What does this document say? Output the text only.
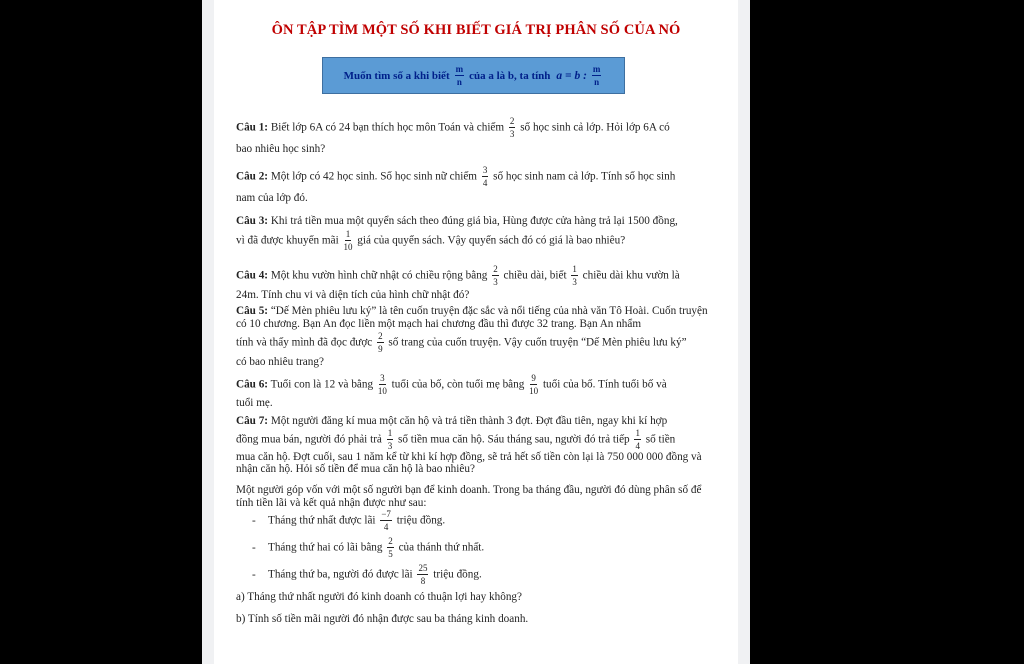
ÔN TẬP TÌM MỘT SỐ KHI BIẾT GIÁ TRỊ PHÂN SỐ CỦA NÓ
Muốn tìm số a khi biết $\frac{m}{n}$ của a là b, ta tính a = b : $\frac{m}{n}$
Câu 1: Biết lớp 6A có 24 bạn thích học môn Toán và chiếm $\frac{2}{3}$ số học sinh cả lớp. Hỏi lớp 6A có
bao nhiêu học sinh?
Câu 2: Một lớp có 42 học sinh. Số học sinh nữ chiếm $\frac{3}{4}$ số học sinh nam cả lớp. Tính số học sinh
nam của lớp đó.
Câu 3: Khi trả tiền mua một quyển sách theo đúng giá bìa, Hùng được cửa hàng trả lại 1500 đồng,
vì đã được khuyến mãi $\frac{1}{10}$ giá của quyển sách. Vậy quyển sách đó có giá là bao nhiêu?
Câu 4: Một khu vườn hình chữ nhật có chiều rộng bằng $\frac{2}{3}$ chiều dài, biết $\frac{1}{3}$ chiều dài khu vườn là
24m. Tính chu vi và diện tích của hình chữ nhật đó?
Câu 5: “Dế Mèn phiêu lưu ký” là tên cuốn truyện đặc sắc và nổi tiếng của nhà văn Tô Hoài. Cuốn truyện có 10 chương. Bạn An đọc liền một mạch hai chương đầu thì được 32 trang. Bạn An nhẩm
tính và thấy mình đã đọc được $\frac{2}{9}$ số trang của cuốn truyện. Vậy cuốn truyện “Dế Mèn phiêu lưu ký”
có bao nhiêu trang?
Câu 6: Tuổi con là 12 và bằng $\frac{3}{10}$ tuổi của bố, còn tuổi mẹ bằng $\frac{9}{10}$ tuổi của bố. Tính tuổi bố và
tuổi mẹ.
Câu 7: Một người đăng kí mua một căn hộ và trả tiền thành 3 đợt. Đợt đầu tiên, ngay khi kí hợp
đồng mua bán, người đó phải trả $\frac{1}{3}$ số tiền mua căn hộ. Sáu tháng sau, người đó trả tiếp $\frac{1}{4}$ số tiền
mua căn hộ. Đợt cuối, sau 1 năm kể từ khi kí hợp đồng, sẽ trả hết số tiền còn lại là 750 000 000 đồng và nhận căn hộ. Hỏi số tiền để mua căn hộ là bao nhiêu?
Một người góp vốn với một số người bạn để kinh doanh. Trong ba tháng đầu, người đó dùng phân số để tính tiền lãi và kết quả nhận được như sau:
- Tháng thứ nhất được lãi $\frac{-7}{4}$ triệu đồng.
- Tháng thứ hai có lãi bằng $\frac{2}{5}$ của thánh thứ nhất.
- Tháng thứ ba, người đó được lãi $\frac{25}{8}$ triệu đồng.
a) Tháng thứ nhất người đó kinh doanh có thuận lợi hay không?
b) Tính số tiền mãi người đó nhận được sau ba tháng kinh doanh.
